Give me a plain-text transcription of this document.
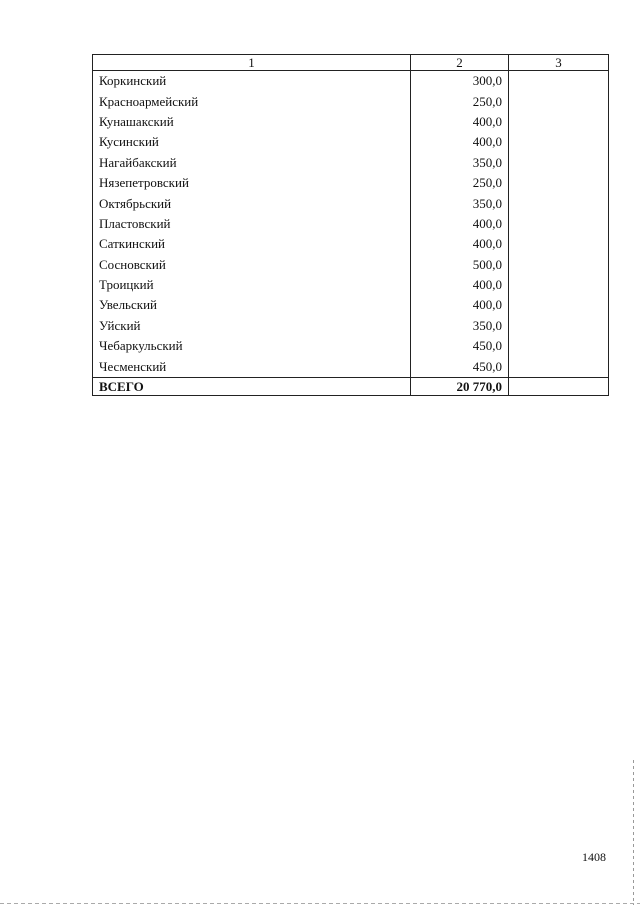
1	2	3
Коркинский	300,0	
Красноармейский	250,0	
Кунашакский	400,0	
Кусинский	400,0	
Нагайбакский	350,0	
Нязепетровский	250,0	
Октябрьский	350,0	
Пластовский	400,0	
Саткинский	400,0	
Сосновский	500,0	
Троицкий	400,0	
Увельский	400,0	
Уйский	350,0	
Чебаркульский	450,0	
Чесменский	450,0	
ВСЕГО	20 770,0	
1408
